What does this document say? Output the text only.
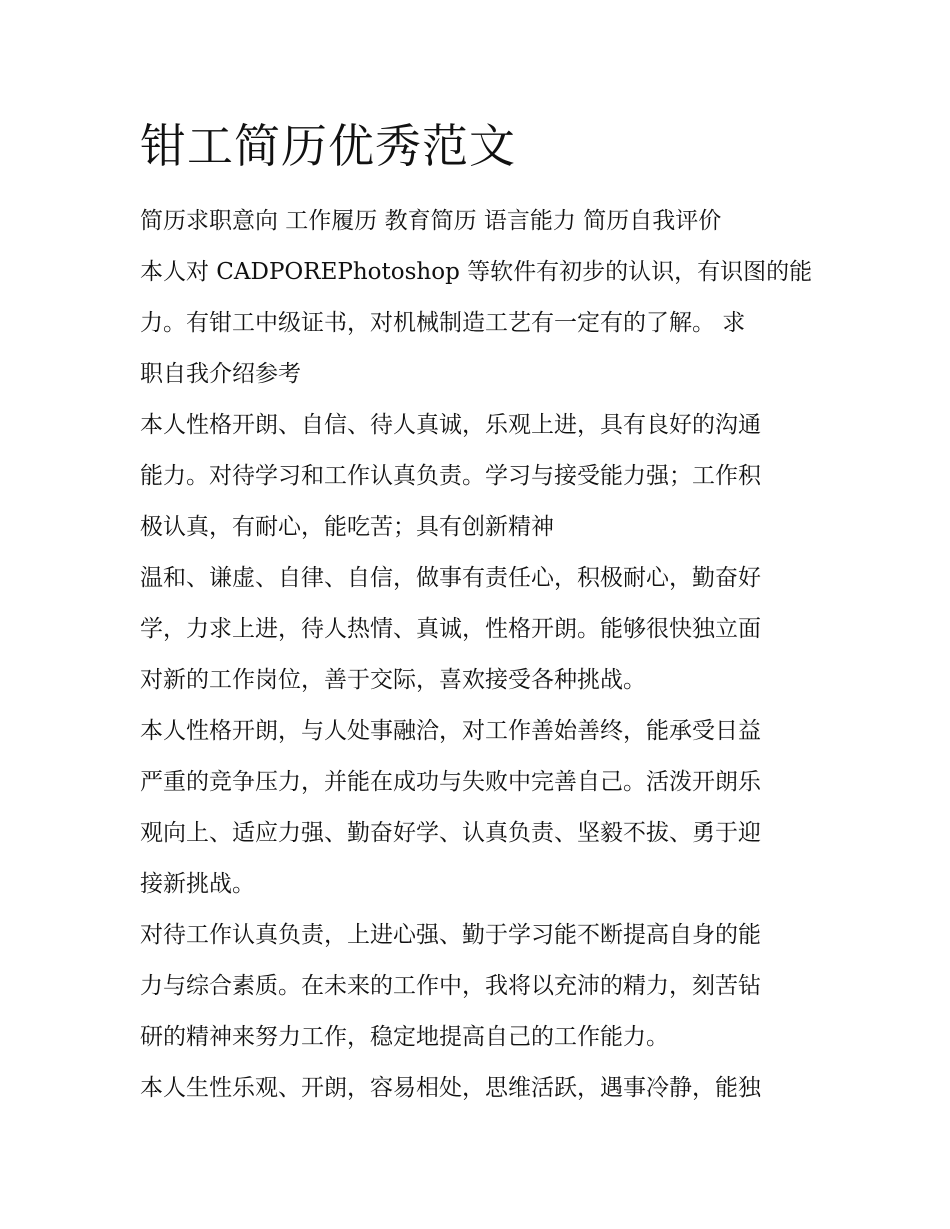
钳工简历优秀范文

简历求职意向 工作履历 教育简历 语言能力 简历自我评价

本人对 CADPOREPhotoshop 等软件有初步的认识，有识图的能

力。有钳工中级证书，对机械制造工艺有一定有的了解。 求

职自我介绍参考

本人性格开朗、自信、待人真诚，乐观上进，具有良好的沟通

能力。对待学习和工作认真负责。学习与接受能力强；工作积

极认真，有耐心，能吃苦；具有创新精神

温和、谦虚、自律、自信，做事有责任心，积极耐心，勤奋好

学，力求上进，待人热情、真诚，性格开朗。能够很快独立面

对新的工作岗位，善于交际，喜欢接受各种挑战。

本人性格开朗，与人处事融洽，对工作善始善终，能承受日益

严重的竞争压力，并能在成功与失败中完善自己。活泼开朗乐

观向上、适应力强、勤奋好学、认真负责、坚毅不拔、勇于迎

接新挑战。

对待工作认真负责，上进心强、勤于学习能不断提高自身的能

力与综合素质。在未来的工作中，我将以充沛的精力，刻苦钻

研的精神来努力工作，稳定地提高自己的工作能力。

本人生性乐观、开朗，容易相处，思维活跃，遇事冷静，能独
